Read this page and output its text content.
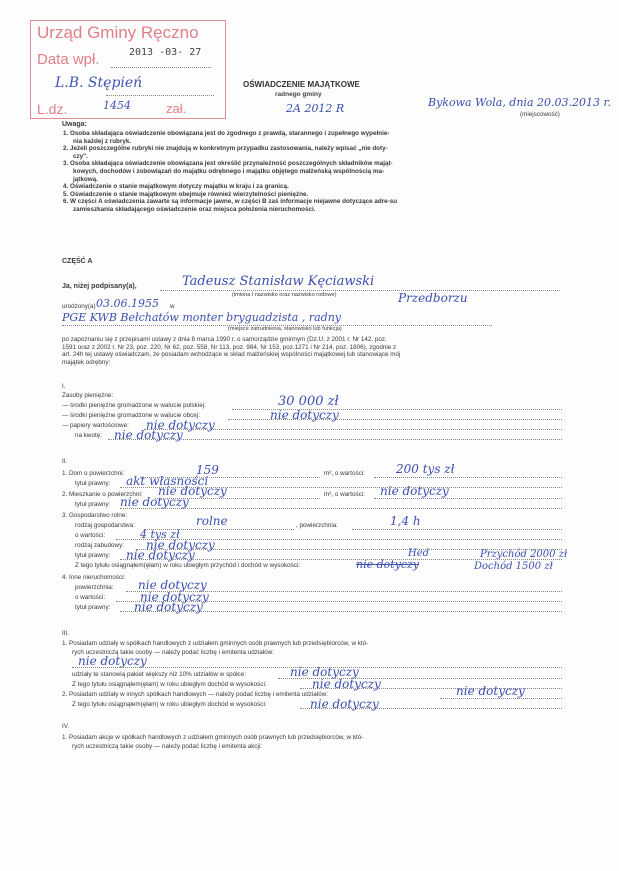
Urząd Gminy Ręczno
Data wpł.	2013 -03- 27
L.B. Stępień
L.dz.	1454	zał.
OŚWIADCZENIE MAJĄTKOWE
radnego gminy
2A 2012 R	Bykowa Wola, dnia 20.03.2013 r.
(miejscowość)
Uwaga:
1. Osoba składająca oświadczenie obowiązana jest do zgodnego z prawdą, starannego i zupełnego wypełnie-
nia każdej z rubryk.
2. Jeżeli poszczególne rubryki nie znajdują w konkretnym przypadku zastosowania, należy wpisać „nie doty-
czy".
3. Osoba składająca oświadczenie obowiązana jest określić przynależność poszczególnych składników mająt-
kowych, dochodów i zobowiązań do majątku odrębnego i majątku objętego małżeńską wspólnością ma-
jątkową.
4. Oświadczenie o stanie majątkowym dotyczy majątku w kraju i za granicą.
5. Oświadczenie o stanie majątkowym obejmuje również wierzytelności pieniężne.
6. W części A oświadczenia zawarte są informacje jawne, w części B zaś informacje niejawne dotyczące adre-su
zamieszkania składającego oświadczenie oraz miejsca położenia nieruchomości.
CZĘŚĆ A
Ja, niżej podpisany(a),	Tadeusz Stanisław Kęciawski
(imiona i nazwisko oraz nazwisko rodowe)
urodzony(a) 03.06.1955 w
Przedborzu
PGE KWB Bełchatów monter bryguadzista , radny
(miejsce zatrudnienia, stanowisko lub funkcja)
po zapoznaniu się z przepisami ustawy z dnia 8 marca 1990 r. o samorządzie gminnym (Dz.U. z 2001 r. Nr 142, poz.
1591 oraz z 2002 r. Nr 23, poz. 220, Nr 62, poz. 558, Nr 113, poz. 984, Nr 153, poz.1271 i Nr 214, poz. 1806), zgodnie z
art. 24h tej ustawy oświadczam, że posiadam wchodzące w skład małżeńskiej wspólności majątkowej lub stanowiące mój
majątek odrębny:
I.
Zasoby pieniężne:
— środki pieniężne gromadzone w walucie polskiej:	30 000 zł
— środki pieniężne gromadzone w walucie obcej:	nie dotyczy
— papiery wartościowe: nie dotyczy
na kwotę: nie dotyczy
II.
1. Dom o powierzchni:	159	m², o wartości:	200 tys zł
tytuł prawny: akt własności
2. Mieszkanie o powierzchni: nie dotyczy	m², o wartości: nie dotyczy
tytuł prawny: nie dotyczy
3. Gospodarstwo rolne:
rodzaj gospodarstwa:	rolne	, powierzchnia:	1,4 h
o wartości:	4 tys zł
rodzaj zabudowy: nie dotyczy
tytuł prawny: nie dotyczy
Z tego tytułu osiągnąłem(ęłam) w roku ubiegłym przychód i dochód w wysokości:	nie dotyczy
Przychód 2000 zł
Dochód 1500 zł
Hed
4. Inne nieruchomości:
powierzchnia: nie dotyczy
o wartości:	nie dotyczy
tytuł prawny: nie dotyczy
III.
1. Posiadam udziały w spółkach handlowych z udziałem gminnych osób prawnych lub przedsiębiorców, w któ-
rych uczestniczą takie osoby — należy podać liczbę i emitenta udziałów:
nie dotyczy
udziały te stanowią pakiet większy niż 10% udziałów w spółce:	nie dotyczy
Z tego tytułu osiągnąłem(ęłam) w roku ubiegłym dochód w wysokości:	nie dotyczy
2. Posiadam udziały w innych spółkach handlowych — należy podać liczbę i emitenta udziałów:	nie dotyczy
Z tego tytułu osiągnąłem(ęłam) w roku ubiegłym dochód w wysokości:	nie dotyczy
IV.
1. Posiadam akcje w spółkach handlowych z udziałem gminnych osób prawnych lub przedsiębiorców, w któ-
rych uczestniczą takie osoby — należy podać liczbę i emitenta akcji:
